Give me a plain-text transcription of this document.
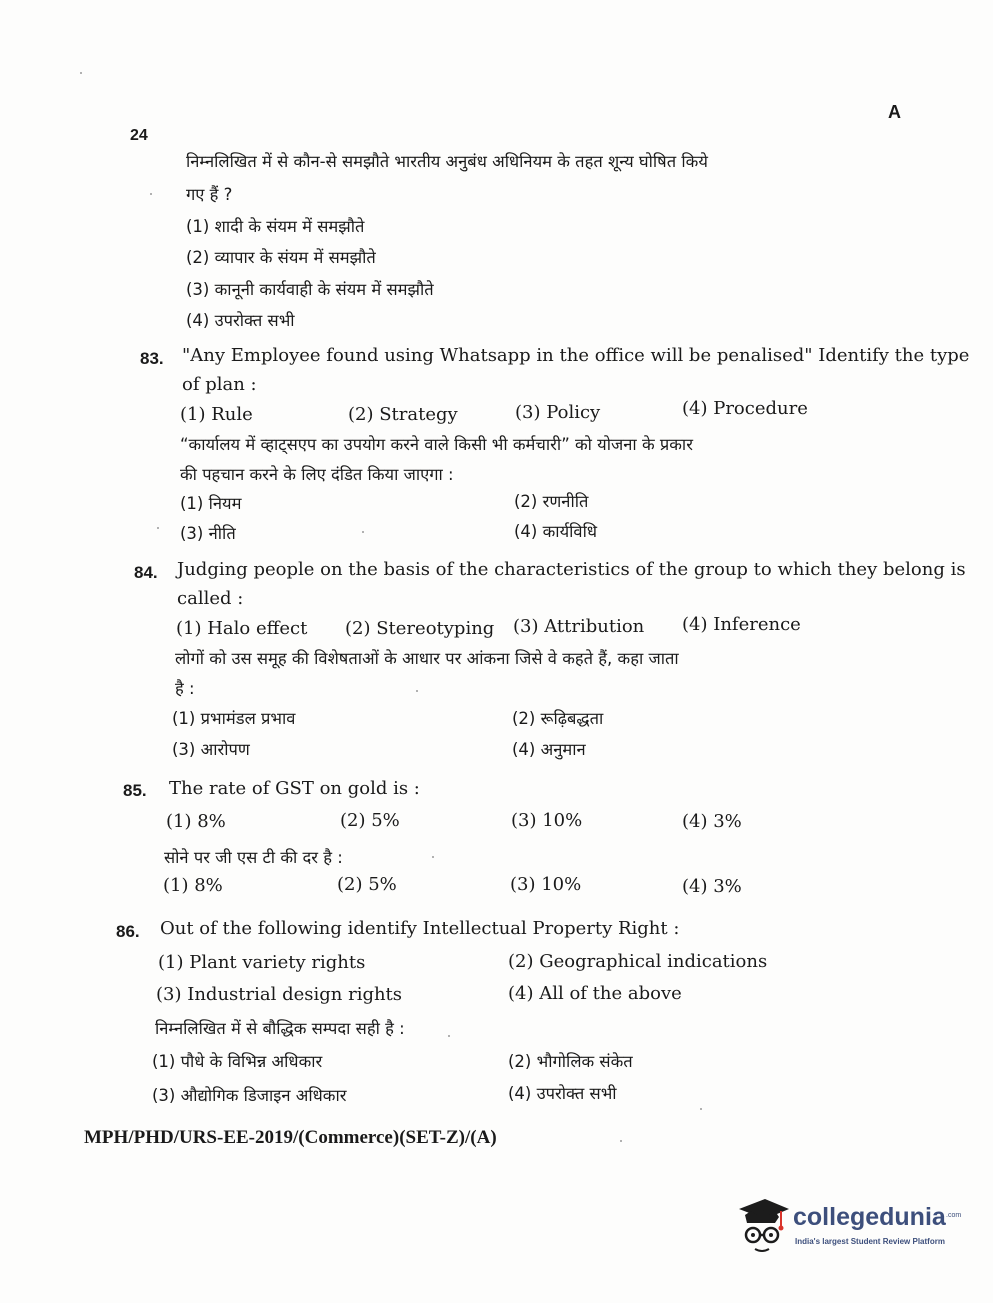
A
24
निम्नलिखित में से कौन-से समझौते भारतीय अनुबंध अधिनियम के तहत शून्य घोषित किये
गए हैं ?
(1) शादी के संयम में समझौते
(2) व्यापार के संयम में समझौते
(3) कानूनी कार्यवाही के संयम में समझौते
(4) उपरोक्त सभी
83. "Any Employee found using Whatsapp in the office will be penalised" Identify the type
of plan :
(1) Rule	(2) Strategy	(3) Policy	(4) Procedure
“कार्यालय में व्हाट्सएप का उपयोग करने वाले किसी भी कर्मचारी” को योजना के प्रकार
की पहचान करने के लिए दंडित किया जाएगा :
(1) नियम	(2) रणनीति
(3) नीति	(4) कार्यविधि
84. Judging people on the basis of the characteristics of the group to which they belong is
called :
(1) Halo effect (2) Stereotyping (3) Attribution (4) Inference
लोगों को उस समूह की विशेषताओं के आधार पर आंकना जिसे वे कहते हैं, कहा जाता
है :
(1) प्रभामंडल प्रभाव	(2) रूढ़िबद्धता
(3) आरोपण	(4) अनुमान
85. The rate of GST on gold is :
(1) 8%	(2) 5%	(3) 10%	(4) 3%
सोने पर जी एस टी की दर है :
(1) 8%	(2) 5%	(3) 10%	(4) 3%
86. Out of the following identify Intellectual Property Right :
(1) Plant variety rights	(2) Geographical indications
(3) Industrial design rights	(4) All of the above
निम्नलिखित में से बौद्धिक सम्पदा सही है :
(1) पौधे के विभिन्न अधिकार	(2) भौगोलिक संकेत
(3) औद्योगिक डिजाइन अधिकार	(4) उपरोक्त सभी
MPH/PHD/URS-EE-2019/(Commerce)(SET-Z)/(A)
collegedunia .com
India's largest Student Review Platform
